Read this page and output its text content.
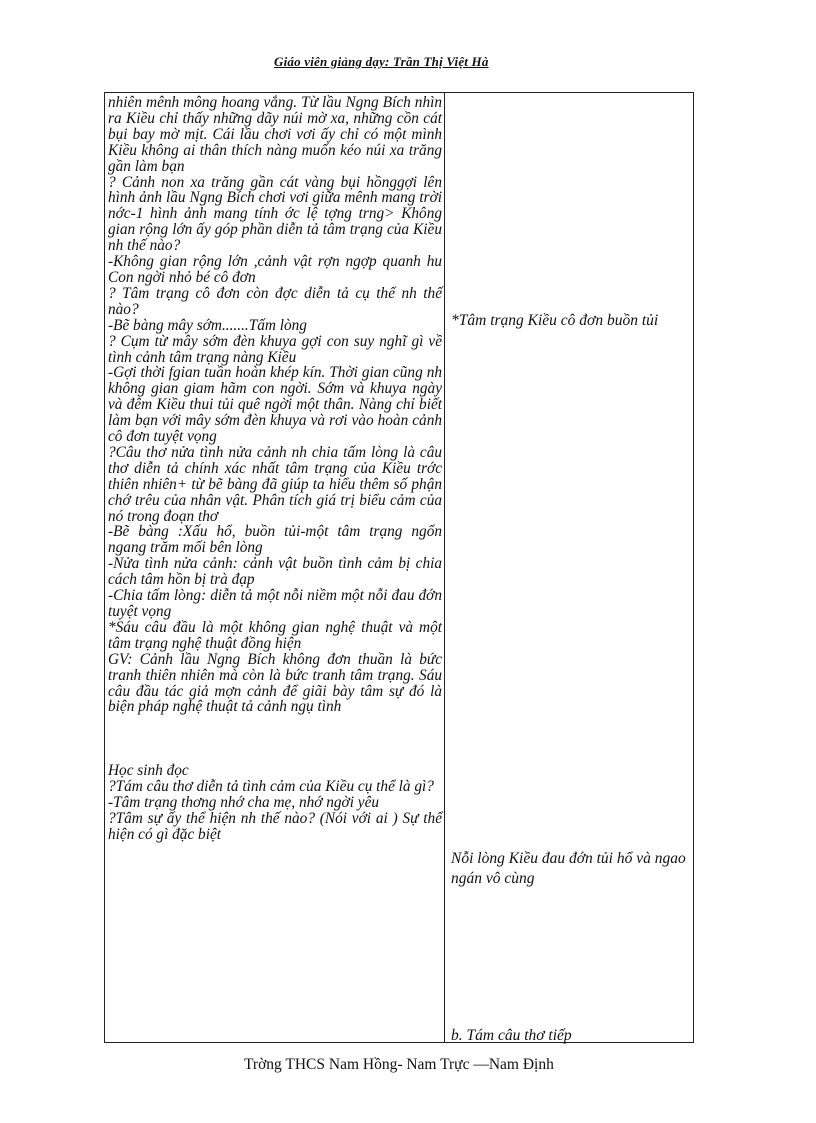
Giáo viên giảng dạy: Trần Thị Việt Hà

nhiên mênh mông hoang vắng. Từ lầu Ngng Bích nhìn ra Kiều chỉ thấy những dãy núi mờ xa, những cồn cát bụi bay mờ mịt. Cái lầu chơi vơi ấy chỉ có một mình Kiều không ai thân thích nàng muốn kéo núi xa trăng gần làm bạn

? Cảnh non xa trăng gần cát vàng bụi hồnggợi lên hình ảnh lầu Ngng Bích chơi vơi giữa mênh mang trời nớc-1 hình ảnh mang tính ớc lệ tợng trng> Không gian rộng lớn ấy góp phần diễn tả tâm trạng của Kiều nh thế nào?

-Không gian rộng lớn ,cảnh vật rợn ngợp quanh hu Con ngời nhỏ bé cô đơn

? Tâm trạng cô đơn còn đợc diễn tả cụ thể nh thế nào?

-Bẽ bàng mây sớm.......Tấm lòng

? Cụm từ mây sớm đèn khuya gợi con suy nghĩ gì về tình cảnh tâm trạng nàng Kiều

-Gợi thời fgian tuần hoàn khép kín. Thời gian cũng nh không gian giam hãm con ngời. Sớm và khuya ngày và đêm Kiều thui tủi quê ngời một thân. Nàng chỉ biết làm bạn với mây sớm đèn khuya và rơi vào hoàn cảnh cô đơn tuyệt vọng

?Câu thơ nửa tình nửa cảnh nh chia tấm lòng là câu thơ diễn tả chính xác nhất tâm trạng của Kiều trớc thiên nhiên+ từ bẽ bàng đã giúp ta hiểu thêm số phận chớ trêu của nhân vật. Phân tích giá trị biểu cảm của nó trong đoạn thơ

-Bẽ bàng :Xấu hổ, buồn tủi-một tâm trạng ngổn ngang trăm mối bên lòng

-Nửa tình nửa cảnh: cảnh vật buồn tình cảm bị chia cách tâm hồn bị trà đạp

-Chia tấm lòng: diễn tả một nỗi niềm một nỗi đau đớn tuyệt vọng

*Sáu câu đầu là một không gian nghệ thuật và một tâm trạng nghệ thuật đồng hiện

GV: Cảnh lầu Ngng Bích không đơn thuần là bức tranh thiên nhiên mà còn là bức tranh tâm trạng. Sáu câu đầu tác giả mợn cảnh để giãi bày tâm sự đó là biện pháp nghệ thuật tả cảnh ngụ tình

Học sinh đọc

?Tám câu thơ diễn tả tình cảm của Kiều cụ thể là gì?

-Tâm trạng thơng nhớ cha mẹ, nhớ ngời yêu

?Tâm sự ấy thể hiện nh thế nào? (Nói với ai ) Sự thể hiện có gì đặc biệt

*Tâm trạng Kiều cô đơn buồn tủi
Nỗi lòng Kiều đau đớn tủi hổ và ngao ngán vô cùng
b. Tám câu thơ tiếp
Trờng THCS Nam Hồng- Nam Trực —Nam Định
